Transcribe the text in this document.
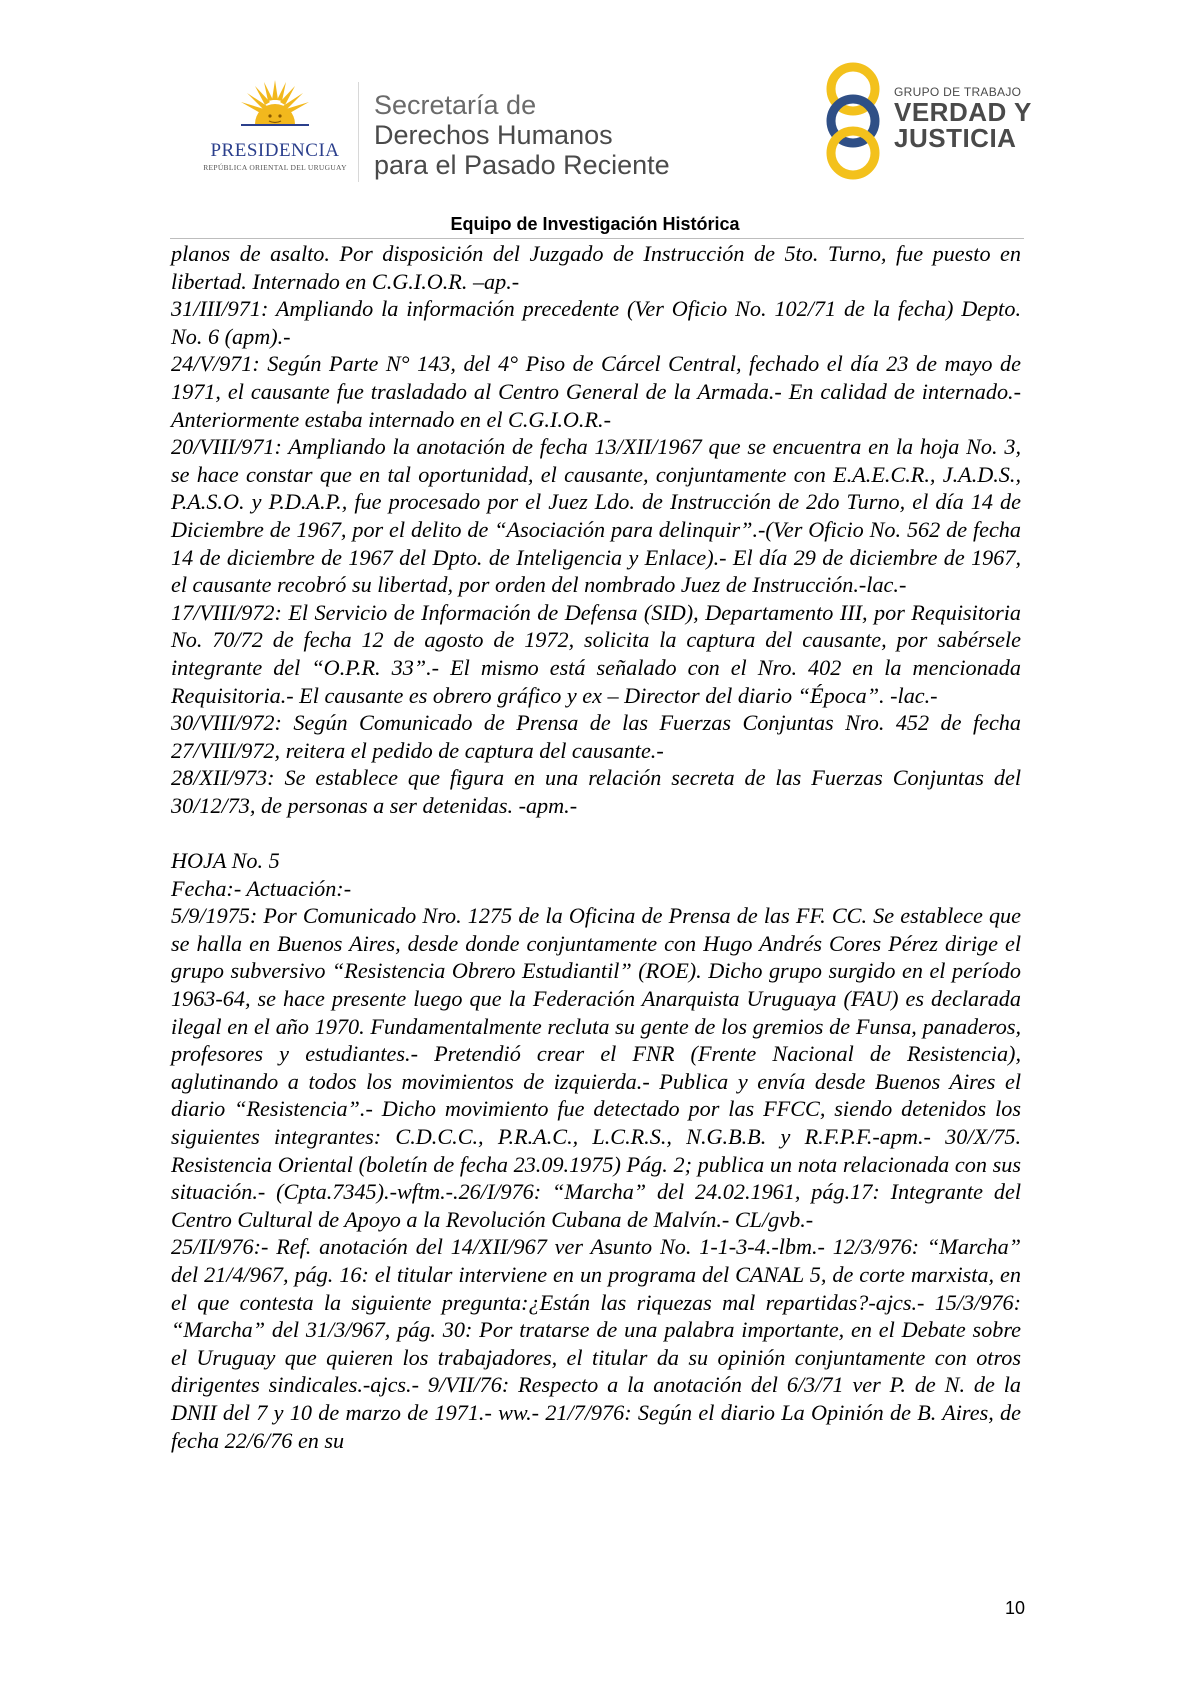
PRESIDENCIA
REPÚBLICA ORIENTAL DEL URUGUAY
Secretaría de
Derechos Humanos
para el Pasado Reciente
GRUPO DE TRABAJO
VERDAD Y
JUSTICIA
Equipo de Investigación Histórica

planos de asalto. Por disposición del Juzgado de Instrucción de 5to. Turno, fue puesto en libertad. Internado en C.G.I.O.R. –ap.-

31/III/971: Ampliando la información precedente (Ver Oficio No. 102/71 de la fecha) Depto. No. 6 (apm).-

24/V/971: Según Parte N° 143, del 4° Piso de Cárcel Central, fechado el día 23 de mayo de 1971, el causante fue trasladado al Centro General de la Armada.- En calidad de internado.- Anteriormente estaba internado en el C.G.I.O.R.-

20/VIII/971: Ampliando la anotación de fecha 13/XII/1967 que se encuentra en la hoja No. 3, se hace constar que en tal oportunidad, el causante, conjuntamente con E.A.E.C.R., J.A.D.S., P.A.S.O. y P.D.A.P., fue procesado por el Juez Ldo. de Instrucción de 2do Turno, el día 14 de Diciembre de 1967, por el delito de “Asociación para delinquir”.-(Ver Oficio No. 562 de fecha 14 de diciembre de 1967 del Dpto. de Inteligencia y Enlace).- El día 29 de diciembre de 1967, el causante recobró su libertad, por orden del nombrado Juez de Instrucción.-lac.-

17/VIII/972: El Servicio de Información de Defensa (SID), Departamento III, por Requisitoria No. 70/72 de fecha 12 de agosto de 1972, solicita la captura del causante, por sabérsele integrante del “O.P.R. 33”.- El mismo está señalado con el Nro. 402 en la mencionada Requisitoria.- El causante es obrero gráfico y ex – Director del diario “Época”. -lac.-

30/VIII/972: Según Comunicado de Prensa de las Fuerzas Conjuntas Nro. 452 de fecha 27/VIII/972, reitera el pedido de captura del causante.-

28/XII/973: Se establece que figura en una relación secreta de las Fuerzas Conjuntas del 30/12/73, de personas a ser detenidas. -apm.-

HOJA No. 5

Fecha:- Actuación:-

5/9/1975: Por Comunicado Nro. 1275 de la Oficina de Prensa de las FF. CC. Se establece que se halla en Buenos Aires, desde donde conjuntamente con Hugo Andrés Cores Pérez dirige el grupo subversivo “Resistencia Obrero Estudiantil” (ROE). Dicho grupo surgido en el período 1963-64, se hace presente luego que la Federación Anarquista Uruguaya (FAU) es declarada ilegal en el año 1970. Fundamentalmente recluta su gente de los gremios de Funsa, panaderos, profesores y estudiantes.- Pretendió crear el FNR (Frente Nacional de Resistencia), aglutinando a todos los movimientos de izquierda.- Publica y envía desde Buenos Aires el diario “Resistencia”.- Dicho movimiento fue detectado por las FFCC, siendo detenidos los siguientes integrantes: C.D.C.C., P.R.A.C., L.C.R.S., N.G.B.B. y R.F.P.F.-apm.- 30/X/75. Resistencia Oriental (boletín de fecha 23.09.1975) Pág. 2; publica un nota relacionada con sus situación.- (Cpta.7345).-wftm.-.26/I/976: “Marcha” del 24.02.1961, pág.17: Integrante del Centro Cultural de Apoyo a la Revolución Cubana de Malvín.- CL/gvb.-

25/II/976:- Ref. anotación del 14/XII/967 ver Asunto No. 1-1-3-4.-lbm.- 12/3/976: “Marcha” del 21/4/967, pág. 16: el titular interviene en un programa del CANAL 5, de corte marxista, en el que contesta la siguiente pregunta:¿Están las riquezas mal repartidas?-ajcs.- 15/3/976: “Marcha” del 31/3/967, pág. 30: Por tratarse de una palabra importante, en el Debate sobre el Uruguay que quieren los trabajadores, el titular da su opinión conjuntamente con otros dirigentes sindicales.-ajcs.- 9/VII/76: Respecto a la anotación del 6/3/71 ver P. de N. de la DNII del 7 y 10 de marzo de 1971.- ww.- 21/7/976: Según el diario La Opinión de B. Aires, de fecha 22/6/76 en su

10
